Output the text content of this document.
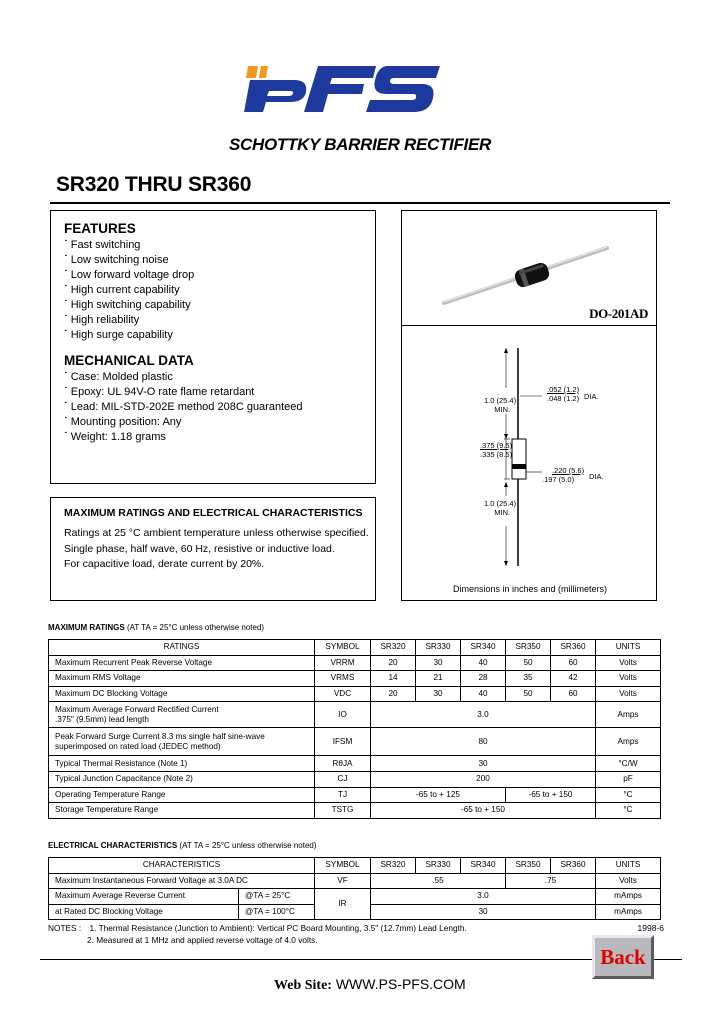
SCHOTTKY BARRIER RECTIFIER
SR320 THRU SR360
FEATURES
˙ Fast switching
˙ Low switching noise
˙ Low forward voltage drop
˙ High current capability
˙ High switching capability
˙ High reliability
˙ High surge capability
MECHANICAL DATA
˙ Case: Molded plastic
˙ Epoxy: UL 94V-O rate flame retardant
˙ Lead: MIL-STD-202E method 208C guaranteed
˙ Mounting position: Any
˙ Weight: 1.18 grams
DO-201AD
1.0 (25.4)
MIN.
.052 (1.2)
.048 (1.2) DIA.
.375 (9.5)
.335 (8.5)
.220 (5.6)
.197 (5.0)	DIA.
1.0 (25.4)
MIN.
Dimensions in inches and (millimeters)
MAXIMUM RATINGS AND ELECTRICAL CHARACTERISTICS
Ratings at 25 °C ambient temperature unless otherwise specified.
Single phase, half wave, 60 Hz, resistive or inductive load.
For capacitive load, derate current by 20%.
MAXIMUM RATINGS (AT TA = 25°C unless otherwise noted)
RATINGS	SYMBOL	SR320	SR330	SR340	SR350	SR360	UNITS
Maximum Recurrent Peak Reverse Voltage	VRRM	20	30	40	50	60	Volts
Maximum RMS Voltage	VRMS	14	21	28	35	42	Volts
Maximum DC Blocking Voltage	VDC	20	30	40	50	60	Volts

Maximum Average Forward Rectified Current
.375" (9.5mm) lead length	IO	3.0					Amps

Peak Forward Surge Current 8.3 ms single half sine-wave
superimposed on rated load (JEDEC method)	IFSM	80					Amps
Typical Thermal Resistance (Note 1)	RθJA	30					°C/W
Typical Junction Capacitance (Note 2)	CJ	200					pF
Operating Temperature Range	TJ	-65 to + 125			-65 to + 150		°C
Storage Temperature Range	TSTG	-65 to + 150					°C
ELECTRICAL CHARACTERISTICS (AT TA = 25°C unless otherwise noted)
CHARACTERISTICS		SYMBOL	SR320	SR330	SR340	SR350	SR360	UNITS
Maximum Instantaneous Forward Voltage at 3.0A DC		VF	.55			.75		Volts
Maximum Average Reverse Current	@TA = 25°C	IR	3.0					mAmps
at Rated DC Blocking Voltage	@TA = 100°C		30					mAmps
NOTES : 1. Thermal Resistance (Junction to Ambient): Vertical PC Board Mounting, 3.5" (12.7mm) Lead Length.
2. Measured at 1 MHz and applied reverse voltage of 4.0 volts.
1998-6
Back
Web Site: WWW.PS-PFS.COM
